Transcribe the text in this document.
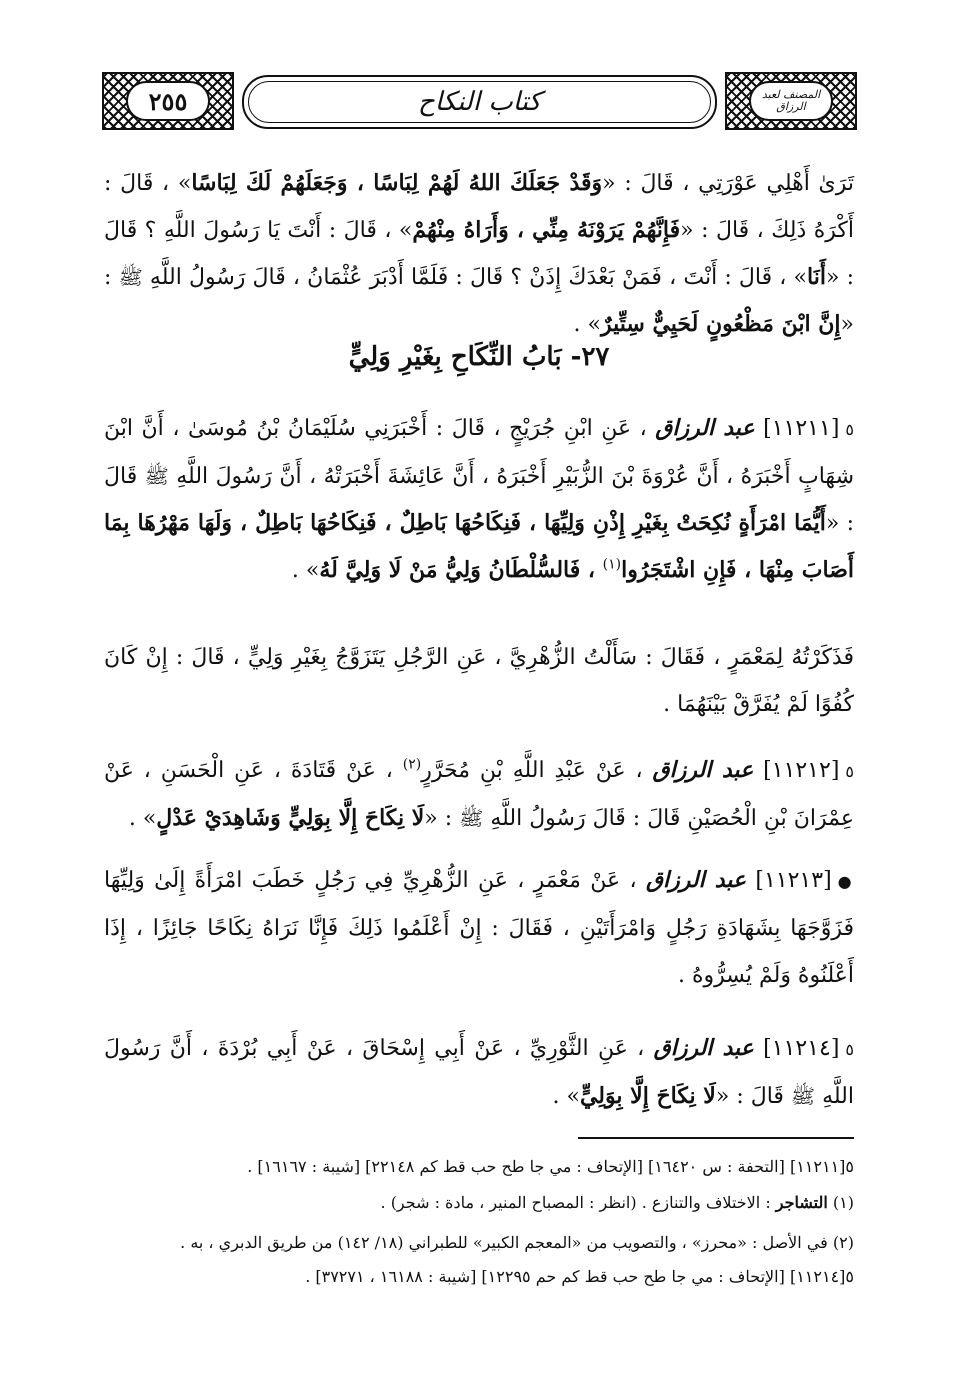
٢٥٥	كتاب النكاح	المصنف لعبد الرزاق

تَرَىٰ أَهْلِي عَوْرَتِي ، قَالَ : «وَقَدْ جَعَلَكَ اللهُ لَهُمْ لِبَاسًا ، وَجَعَلَهُمْ لَكَ لِبَاسًا» ، قَالَ : أَكْرَهُ ذَلِكَ ، قَالَ : «فَإِنَّهُمْ يَرَوْنَهُ مِنِّي ، وَأَرَاهُ مِنْهُمْ» ، قَالَ : أَنْتَ يَا رَسُولَ اللَّهِ ؟ قَالَ : «أَنَا» ، قَالَ : أَنْتَ ، فَمَنْ بَعْدَكَ إِذَنْ ؟ قَالَ : فَلَمَّا أَدْبَرَ عُثْمَانُ ، قَالَ رَسُولُ اللَّهِ ﷺ : «إِنَّ ابْنَ مَظْعُونٍ لَحَيِيٌّ سِتِّيرٌ» .

٢٧- بَابُ النِّكَاحِ بِغَيْرِ وَلِيٍّ

٥[١١٢١١] عبد الرزاق ، عَنِ ابْنِ جُرَيْجٍ ، قَالَ : أَخْبَرَنِي سُلَيْمَانُ بْنُ مُوسَىٰ ، أَنَّ ابْنَ شِهَابٍ أَخْبَرَهُ ، أَنَّ عُرْوَةَ بْنَ الزُّبَيْرِ أَخْبَرَهُ ، أَنَّ عَائِشَةَ أَخْبَرَتْهُ ، أَنَّ رَسُولَ اللَّهِ ﷺ قَالَ : «أَيُّمَا امْرَأَةٍ نُكِحَتْ بِغَيْرِ إِذْنِ وَلِيِّهَا ، فَنِكَاحُهَا بَاطِلٌ ، فَنِكَاحُهَا بَاطِلٌ ، وَلَهَا مَهْرُهَا بِمَا أَصَابَ مِنْهَا ، فَإِنِ اشْتَجَرُوا$^{(١)}$ ، فَالسُّلْطَانُ وَلِيُّ مَنْ لَا وَلِيَّ لَهُ» .

فَذَكَرْتُهُ لِمَعْمَرٍ ، فَقَالَ : سَأَلْتُ الزُّهْرِيَّ ، عَنِ الرَّجُلِ يَتَزَوَّجُ بِغَيْرِ وَلِيٍّ ، قَالَ : إِنْ كَانَ كُفُوًا لَمْ يُفَرَّقْ بَيْنَهُمَا .

٥[١١٢١٢] عبد الرزاق ، عَنْ عَبْدِ اللَّهِ بْنِ مُحَرَّرٍ$^{(٢)}$ ، عَنْ قَتَادَةَ ، عَنِ الْحَسَنِ ، عَنْ عِمْرَانَ بْنِ الْحُصَيْنِ قَالَ : قَالَ رَسُولُ اللَّهِ ﷺ : «لَا نِكَاحَ إِلَّا بِوَلِيٍّ وَشَاهِدَيْ عَدْلٍ» .

●[١١٢١٣] عبد الرزاق ، عَنْ مَعْمَرٍ ، عَنِ الزُّهْرِيِّ فِي رَجُلٍ خَطَبَ امْرَأَةً إِلَىٰ وَلِيِّهَا فَزَوَّجَهَا بِشَهَادَةِ رَجُلٍ وَامْرَأَتَيْنِ ، فَقَالَ : إِنْ أَعْلَمُوا ذَلِكَ فَإِنَّا نَرَاهُ نِكَاحًا جَائِزًا ، إِذَا أَعْلَنُوهُ وَلَمْ يُسِرُّوهُ .

٥[١١٢١٤] عبد الرزاق ، عَنِ الثَّوْرِيِّ ، عَنْ أَبِي إِسْحَاقَ ، عَنْ أَبِي بُرْدَةَ ، أَنَّ رَسُولَ اللَّهِ ﷺ قَالَ : «لَا نِكَاحَ إِلَّا بِوَلِيٍّ» .

٥[١١٢١١] [التحفة : س ١٦٤٢٠] [الإتحاف : مي جا طح حب قط كم ٢٢١٤٨] [شيبة : ١٦١٦٧] .

(١) التشاجر : الاختلاف والتنازع . (انظر : المصباح المنير ، مادة : شجر) .

(٢) في الأصل : «محرز» ، والتصويب من «المعجم الكبير» للطبراني (١٨/ ١٤٢) من طريق الدبري ، به .

٥[١١٢١٤] [الإتحاف : مي جا طح حب قط كم حم ١٢٢٩٥] [شيبة : ١٦١٨٨ ، ٣٧٢٧١] .
